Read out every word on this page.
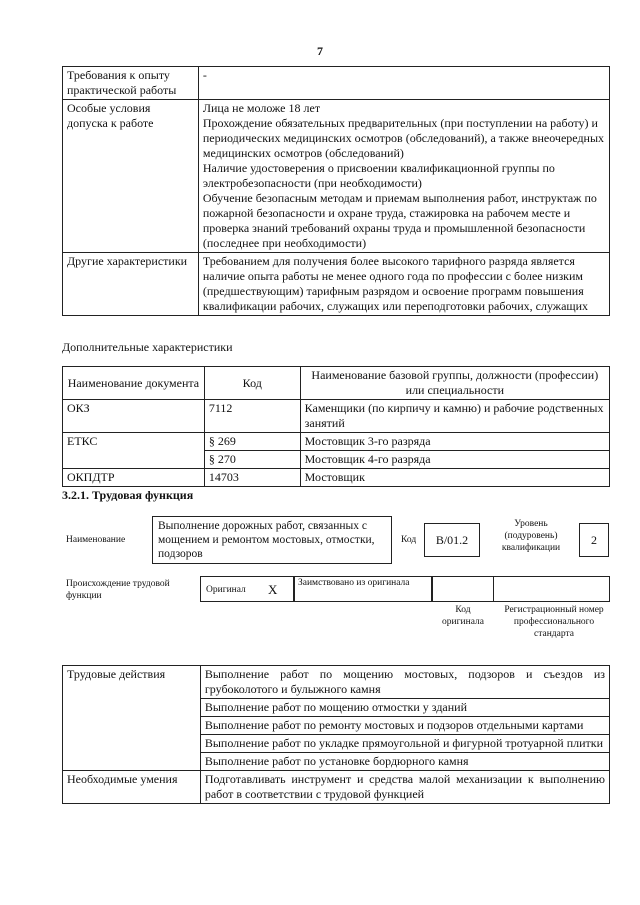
7
Требования к опыту практической работы	-
Особые условия допуска к работе	Лица не моложе 18 лет
Прохождение обязательных предварительных (при поступлении на работу) и периодических медицинских осмотров (обследований), а также внеочередных медицинских осмотров (обследований)
Наличие удостоверения о присвоении квалификационной группы по электробезопасности (при необходимости)
Обучение безопасным методам и приемам выполнения работ, инструктаж по пожарной безопасности и охране труда, стажировка на рабочем месте и проверка знаний требований охраны труда и промышленной безопасности (последнее при необходимости)

Другие характеристики	Требованием для получения более высокого тарифного разряда является наличие опыта работы не менее одного года по профессии с более низким (предшествующим) тарифным разрядом и освоение программ повышения квалификации рабочих, служащих или переподготовки рабочих, служащих
Дополнительные характеристики
Наименование документа	Код	Наименование базовой группы, должности (профессии) или специальности
ОКЗ	7112	Каменщики (по кирпичу и камню) и рабочие родственных занятий
ЕТКС	§ 269	Мостовщик 3-го разряда
	§ 270	Мостовщик 4-го разряда
ОКПДТР	14703	Мостовщик
3.2.1. Трудовая функция
Наименование
Выполнение дорожных работ, связанных с мощением и ремонтом мостовых, отмостки, подзоров
Код	B/01.2
Уровень (подуровень) квалификации
2
Происхождение трудовой функции
Оригинал X Заимствовано из оригинала
Код оригинала
Регистрационный номер профессионального стандарта
Трудовые действия	Выполнение работ по мощению мостовых, подзоров и съездов из грубоколотого и булыжного камня
	Выполнение работ по мощению отмостки у зданий
	Выполнение работ по ремонту мостовых и подзоров отдельными картами
	Выполнение работ по укладке прямоугольной и фигурной тротуарной плитки
	Выполнение работ по установке бордюрного камня
Необходимые умения	Подготавливать инструмент и средства малой механизации к выполнению работ в соответствии с трудовой функцией
